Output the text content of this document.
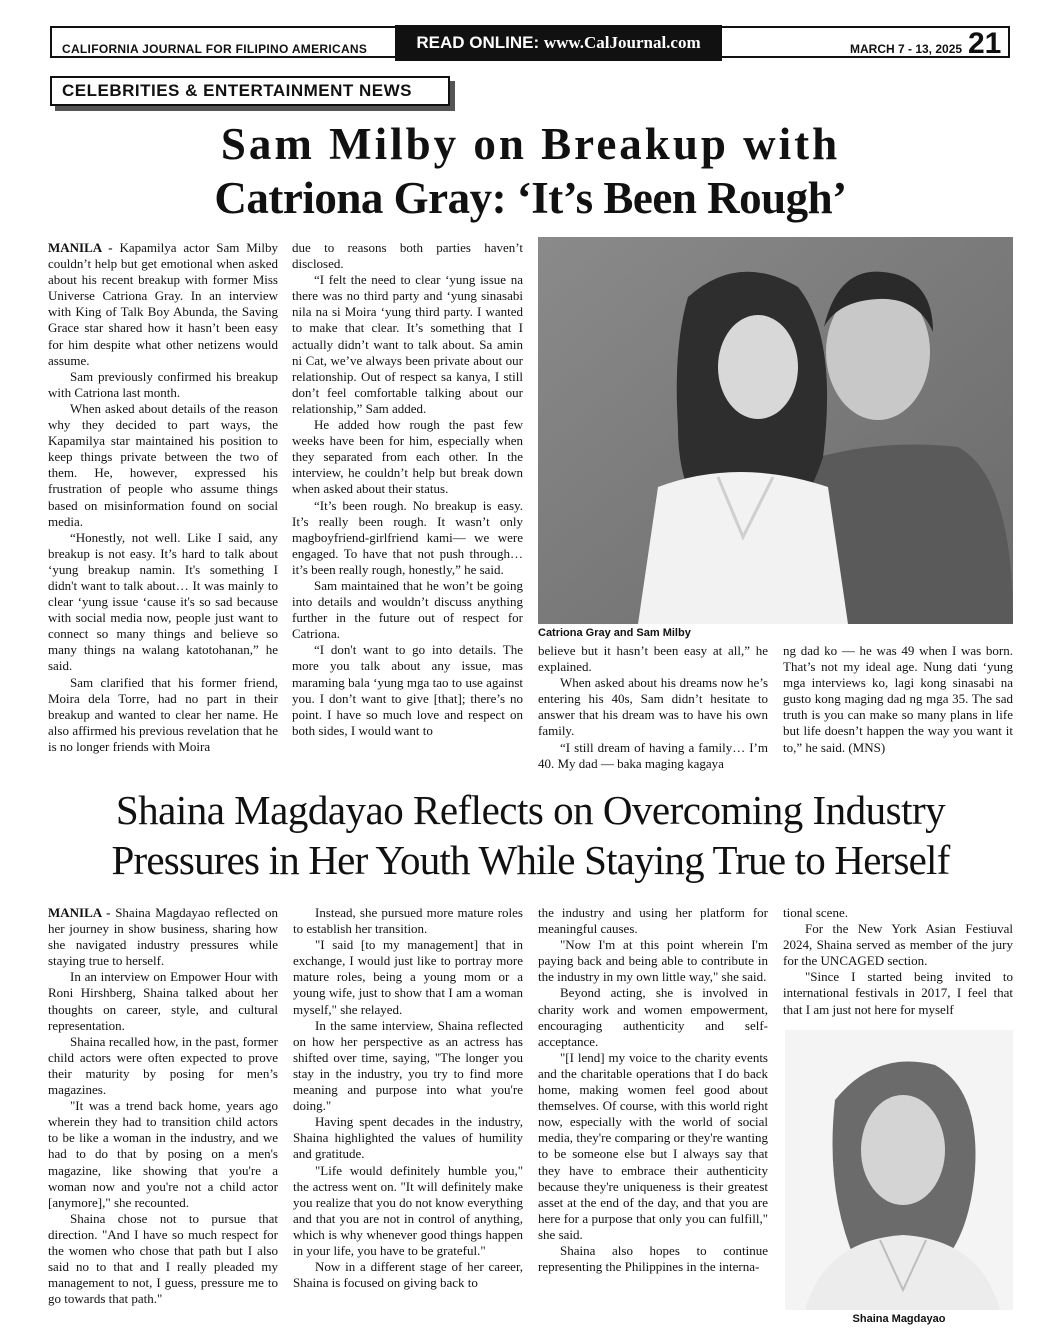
CALIFORNIA JOURNAL FOR FILIPINO AMERICANS	READ ONLINE: www.CalJournal.com	MARCH 7 - 13, 2025 21
CELEBRITIES & ENTERTAINMENT NEWS
Sam Milby on Breakup with
Catriona Gray: ‘It’s Been Rough’

MANILA - Kapamilya actor Sam Milby couldn’t help but get emotional when asked about his recent breakup with former Miss Universe Catriona Gray. In an interview with King of Talk Boy Abunda, the Saving Grace star shared how it hasn’t been easy for him despite what other netizens would assume.

Sam previously confirmed his breakup with Catriona last month.

When asked about details of the reason why they decided to part ways, the Kapamilya star maintained his position to keep things private between the two of them. He, however, expressed his frustration of people who assume things based on misinformation found on social media.

“Honestly, not well. Like I said, any breakup is not easy. It’s hard to talk about ‘yung breakup namin. It's something I didn't want to talk about… It was mainly to clear ‘yung issue ‘cause it's so sad because with social media now, people just want to connect so many things and believe so many things na walang katotohanan,” he said.

Sam clarified that his former friend, Moira dela Torre, had no part in their breakup and wanted to clear her name. He also affirmed his previous revelation that he is no longer friends with Moira

due to reasons both parties haven’t disclosed.

“I felt the need to clear ‘yung issue na there was no third party and ‘yung sinasabi nila na si Moira ‘yung third party. I wanted to make that clear. It’s something that I actually didn’t want to talk about. Sa amin ni Cat, we’ve always been private about our relationship. Out of respect sa kanya, I still don’t feel comfortable talking about our relationship,” Sam added.

He added how rough the past few weeks have been for him, especially when they separated from each other. In the interview, he couldn’t help but break down when asked about their status.

“It’s been rough. No breakup is easy. It’s really been rough. It wasn’t only magboyfriend-girlfriend kami— we were engaged. To have that not push through… it’s been really rough, honestly,” he said.

Sam maintained that he won’t be going into details and wouldn’t discuss anything further in the future out of respect for Catriona.

“I don't want to go into details. The more you talk about any issue, mas maraming bala ‘yung mga tao to use against you. I don’t want to give [that]; there’s no point. I have so much love and respect on both sides, I would want to

Catriona Gray and Sam Milby

believe but it hasn’t been easy at all,” he explained.

When asked about his dreams now he’s entering his 40s, Sam didn’t hesitate to answer that his dream was to have his own family.

“I still dream of having a family… I’m 40. My dad — baka maging kagaya

ng dad ko — he was 49 when I was born. That’s not my ideal age. Nung dati ‘yung mga interviews ko, lagi kong sinasabi na gusto kong maging dad ng mga 35. The sad truth is you can make so many plans in life but life doesn’t happen the way you want it to,” he said. (MNS)

Shaina Magdayao Reflects on Overcoming Industry
Pressures in Her Youth While Staying True to Herself

MANILA - Shaina Magdayao reflected on her journey in show business, sharing how she navigated industry pressures while staying true to herself.

In an interview on Empower Hour with Roni Hirshberg, Shaina talked about her thoughts on career, style, and cultural representation.

Shaina recalled how, in the past, former child actors were often expected to prove their maturity by posing for men’s magazines.

"It was a trend back home, years ago wherein they had to transition child actors to be like a woman in the industry, and we had to do that by posing on a men's magazine, like showing that you're a woman now and you're not a child actor [anymore]," she recounted.

Shaina chose not to pursue that direction. "And I have so much respect for the women who chose that path but I also said no to that and I really pleaded my management to not, I guess, pressure me to go towards that path."

Instead, she pursued more mature roles to establish her transition.

"I said [to my management] that in exchange, I would just like to portray more mature roles, being a young mom or a young wife, just to show that I am a woman myself," she relayed.

In the same interview, Shaina reflected on how her perspective as an actress has shifted over time, saying, "The longer you stay in the industry, you try to find more meaning and purpose into what you're doing."

Having spent decades in the industry, Shaina highlighted the values of humility and gratitude.

"Life would definitely humble you," the actress went on. "It will definitely make you realize that you do not know everything and that you are not in control of anything, which is why whenever good things happen in your life, you have to be grateful."

Now in a different stage of her career, Shaina is focused on giving back to

the industry and using her platform for meaningful causes.

"Now I'm at this point wherein I'm paying back and being able to contribute in the industry in my own little way," she said.

Beyond acting, she is involved in charity work and women empowerment, encouraging authenticity and self-acceptance.

"[I lend] my voice to the charity events and the charitable operations that I do back home, making women feel good about themselves. Of course, with this world right now, especially with the world of social media, they're comparing or they're wanting to be someone else but I always say that they have to embrace their authenticity because they're uniqueness is their greatest asset at the end of the day, and that you are here for a purpose that only you can fulfill," she said.

Shaina also hopes to continue representing the Philippines in the interna-

tional scene.

For the New York Asian Festiuval 2024, Shaina served as member of the jury for the UNCAGED section.

"Since I started being invited to international festivals in 2017, I feel that that I am just not here for myself

Shaina Magdayao
